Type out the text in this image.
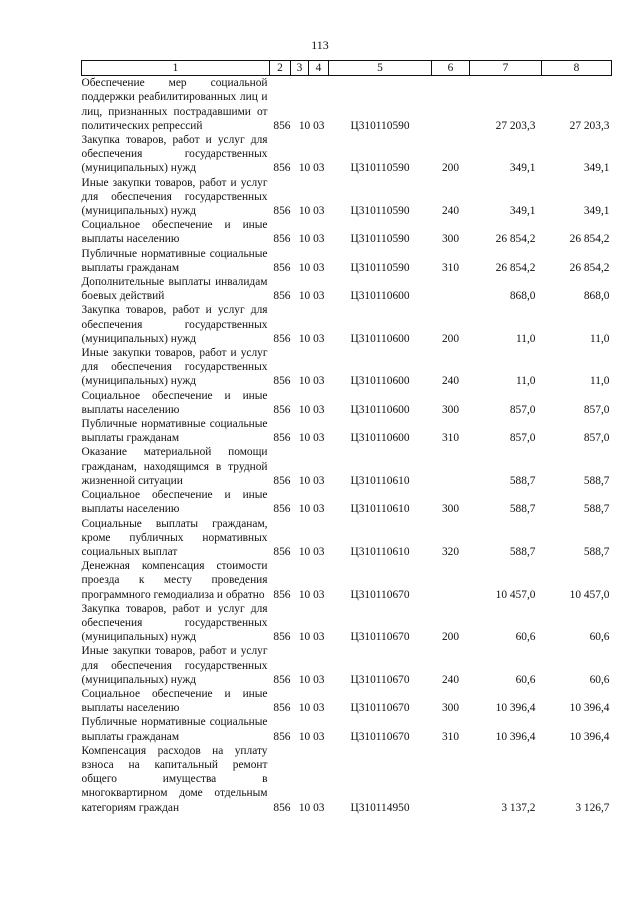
113
1	2	3	4	5	6	7	8
Обеспечение мер социальной поддержки реабилитированных лиц и лиц, признанных пострадавшими от политических репрессий	856	10 03		Ц310110590		27 203,3	27 203,3
Закупка товаров, работ и услуг для обеспечения государственных (муниципальных) нужд	856	10 03		Ц310110590	200	349,1	349,1
Иные закупки товаров, работ и услуг для обеспечения государственных (муниципальных) нужд	856	10 03		Ц310110590	240	349,1	349,1
Социальное обеспечение и иные выплаты населению	856	10 03		Ц310110590	300	26 854,2	26 854,2
Публичные нормативные социальные выплаты гражданам	856	10 03		Ц310110590	310	26 854,2	26 854,2
Дополнительные выплаты инвалидам боевых действий	856	10 03		Ц310110600		868,0	868,0
Закупка товаров, работ и услуг для обеспечения государственных (муниципальных) нужд	856	10 03		Ц310110600	200	11,0	11,0
Иные закупки товаров, работ и услуг для обеспечения государственных (муниципальных) нужд	856	10 03		Ц310110600	240	11,0	11,0
Социальное обеспечение и иные выплаты населению	856	10 03		Ц310110600	300	857,0	857,0
Публичные нормативные социальные выплаты гражданам	856	10 03		Ц310110600	310	857,0	857,0
Оказание материальной помощи гражданам, находящимся в трудной жизненной ситуации	856	10 03		Ц310110610		588,7	588,7
Социальное обеспечение и иные выплаты населению	856	10 03		Ц310110610	300	588,7	588,7
Социальные выплаты гражданам, кроме публичных нормативных социальных выплат	856	10 03		Ц310110610	320	588,7	588,7
Денежная компенсация стоимости проезда к месту проведения программного гемодиализа и обратно	856	10 03		Ц310110670		10 457,0	10 457,0
Закупка товаров, работ и услуг для обеспечения государственных (муниципальных) нужд	856	10 03		Ц310110670	200	60,6	60,6
Иные закупки товаров, работ и услуг для обеспечения государственных (муниципальных) нужд	856	10 03		Ц310110670	240	60,6	60,6
Социальное обеспечение и иные выплаты населению	856	10 03		Ц310110670	300	10 396,4	10 396,4
Публичные нормативные социальные выплаты гражданам	856	10 03		Ц310110670	310	10 396,4	10 396,4
Компенсация расходов на уплату взноса на капитальный ремонт общего имущества в многоквартирном доме отдельным категориям граждан	856	10 03		Ц310114950		3 137,2	3 126,7
